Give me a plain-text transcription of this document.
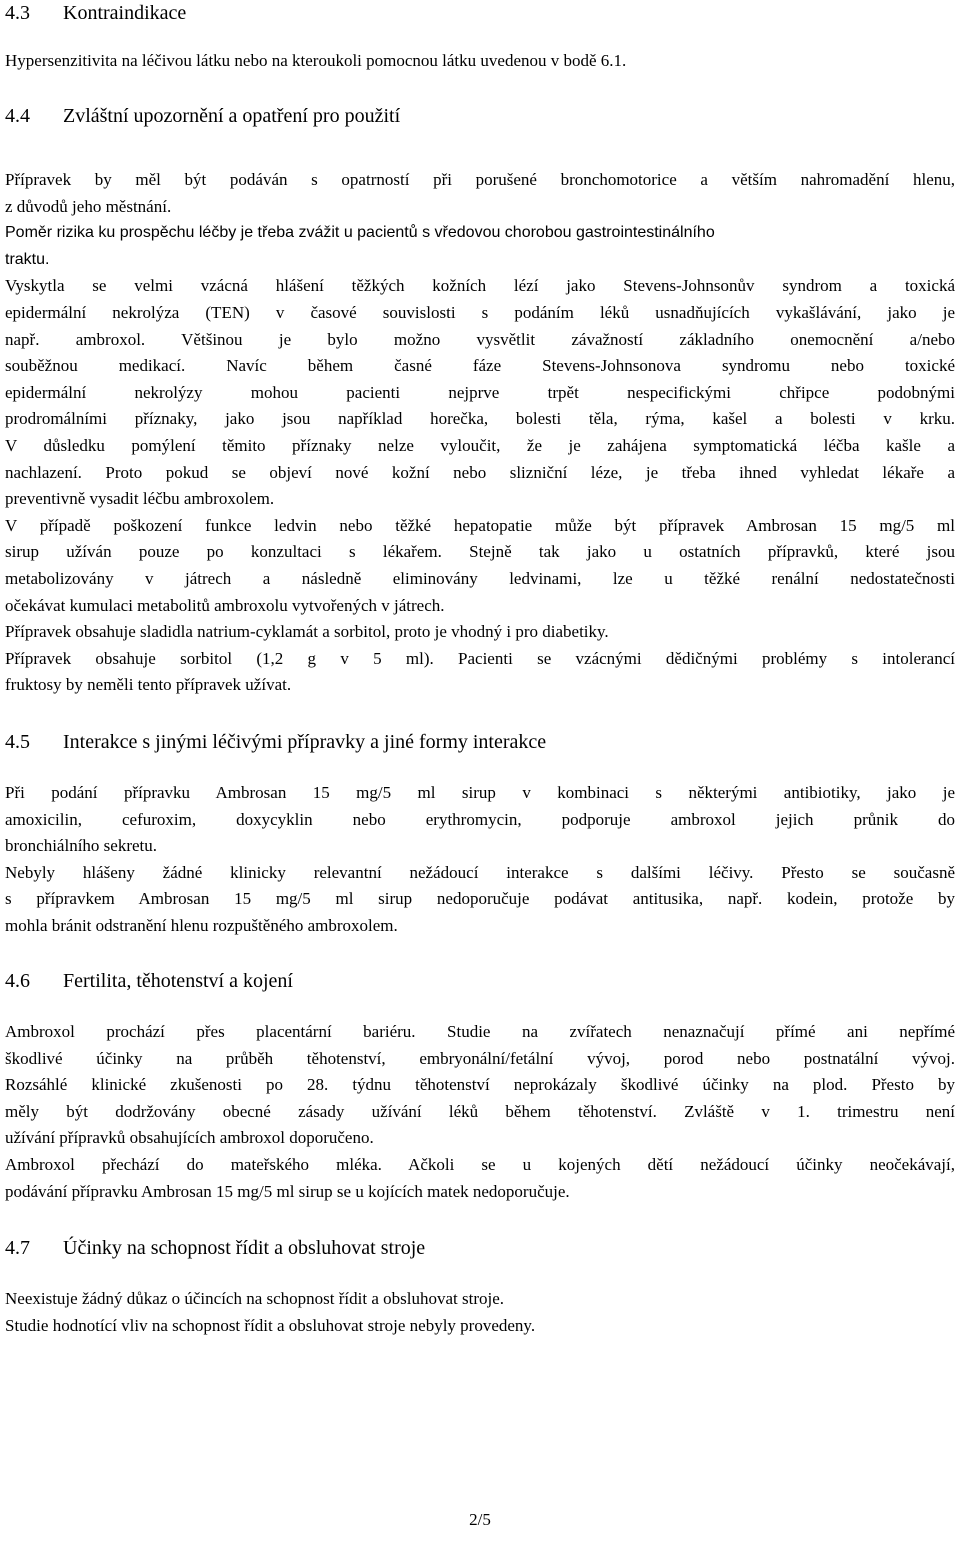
4.3	Kontraindikace
Hypersenzitivita na léčivou látku nebo na kteroukoli pomocnou látku uvedenou v bodě 6.1.
4.4	Zvláštní upozornění a opatření pro použití
Přípravek by měl být podáván s opatrností při porušené bronchomotorice a větším nahromadění hlenu,
z důvodů jeho městnání.
Poměr rizika ku prospěchu léčby je třeba zvážit u pacientů s vředovou chorobou gastrointestinálního
traktu.
Vyskytla se velmi vzácná hlášení těžkých kožních lézí jako Stevens-Johnsonův syndrom a toxická
epidermální nekrolýza (TEN) v časové souvislosti s podáním léků usnadňujících vykašlávání, jako je
např. ambroxol. Většinou je bylo možno vysvětlit závažností základního onemocnění a/nebo
souběžnou medikací. Navíc během časné fáze Stevens-Johnsonova syndromu nebo toxické
epidermální nekrolýzy mohou pacienti nejprve trpět nespecifickými chřipce podobnými
prodromálními příznaky, jako jsou například horečka, bolesti těla, rýma, kašel a bolesti v krku.
V důsledku pomýlení těmito příznaky nelze vyloučit, že je zahájena symptomatická léčba kašle a
nachlazení. Proto pokud se objeví nové kožní nebo slizniční léze, je třeba ihned vyhledat lékaře a
preventivně vysadit léčbu ambroxolem.
V případě poškození funkce ledvin nebo těžké hepatopatie může být přípravek Ambrosan 15 mg/5 ml
sirup užíván pouze po konzultaci s lékařem. Stejně tak jako u ostatních přípravků, které jsou
metabolizovány v játrech a následně eliminovány ledvinami, lze u těžké renální nedostatečnosti
očekávat kumulaci metabolitů ambroxolu vytvořených v játrech.
Přípravek obsahuje sladidla natrium-cyklamát a sorbitol, proto je vhodný i pro diabetiky.
Přípravek obsahuje sorbitol (1,2 g v 5 ml). Pacienti se vzácnými dědičnými problémy s intolerancí
fruktosy by neměli tento přípravek užívat.
4.5	Interakce s jinými léčivými přípravky a jiné formy interakce
Při podání přípravku Ambrosan 15 mg/5 ml sirup v kombinaci s některými antibiotiky, jako je
amoxicilin, cefuroxim, doxycyklin nebo erythromycin, podporuje ambroxol jejich průnik do
bronchiálního sekretu.
Nebyly hlášeny žádné klinicky relevantní nežádoucí interakce s dalšími léčivy. Přesto se současně
s přípravkem Ambrosan 15 mg/5 ml sirup nedoporučuje podávat antitusika, např. kodein, protože by
mohla bránit odstranění hlenu rozpuštěného ambroxolem.
4.6	Fertilita, těhotenství a kojení
Ambroxol prochází přes placentární bariéru. Studie na zvířatech nenaznačují přímé ani nepřímé
škodlivé účinky na průběh těhotenství, embryonální/fetální vývoj, porod nebo postnatální vývoj.
Rozsáhlé klinické zkušenosti po 28. týdnu těhotenství neprokázaly škodlivé účinky na plod. Přesto by
měly být dodržovány obecné zásady užívání léků během těhotenství. Zvláště v 1. trimestru není
užívání přípravků obsahujících ambroxol doporučeno.
Ambroxol přechází do mateřského mléka. Ačkoli se u kojených dětí nežádoucí účinky neočekávají,
podávání přípravku Ambrosan 15 mg/5 ml sirup se u kojících matek nedoporučuje.
4.7	Účinky na schopnost řídit a obsluhovat stroje
Neexistuje žádný důkaz o účincích na schopnost řídit a obsluhovat stroje.
Studie hodnotící vliv na schopnost řídit a obsluhovat stroje nebyly provedeny.
2/5
